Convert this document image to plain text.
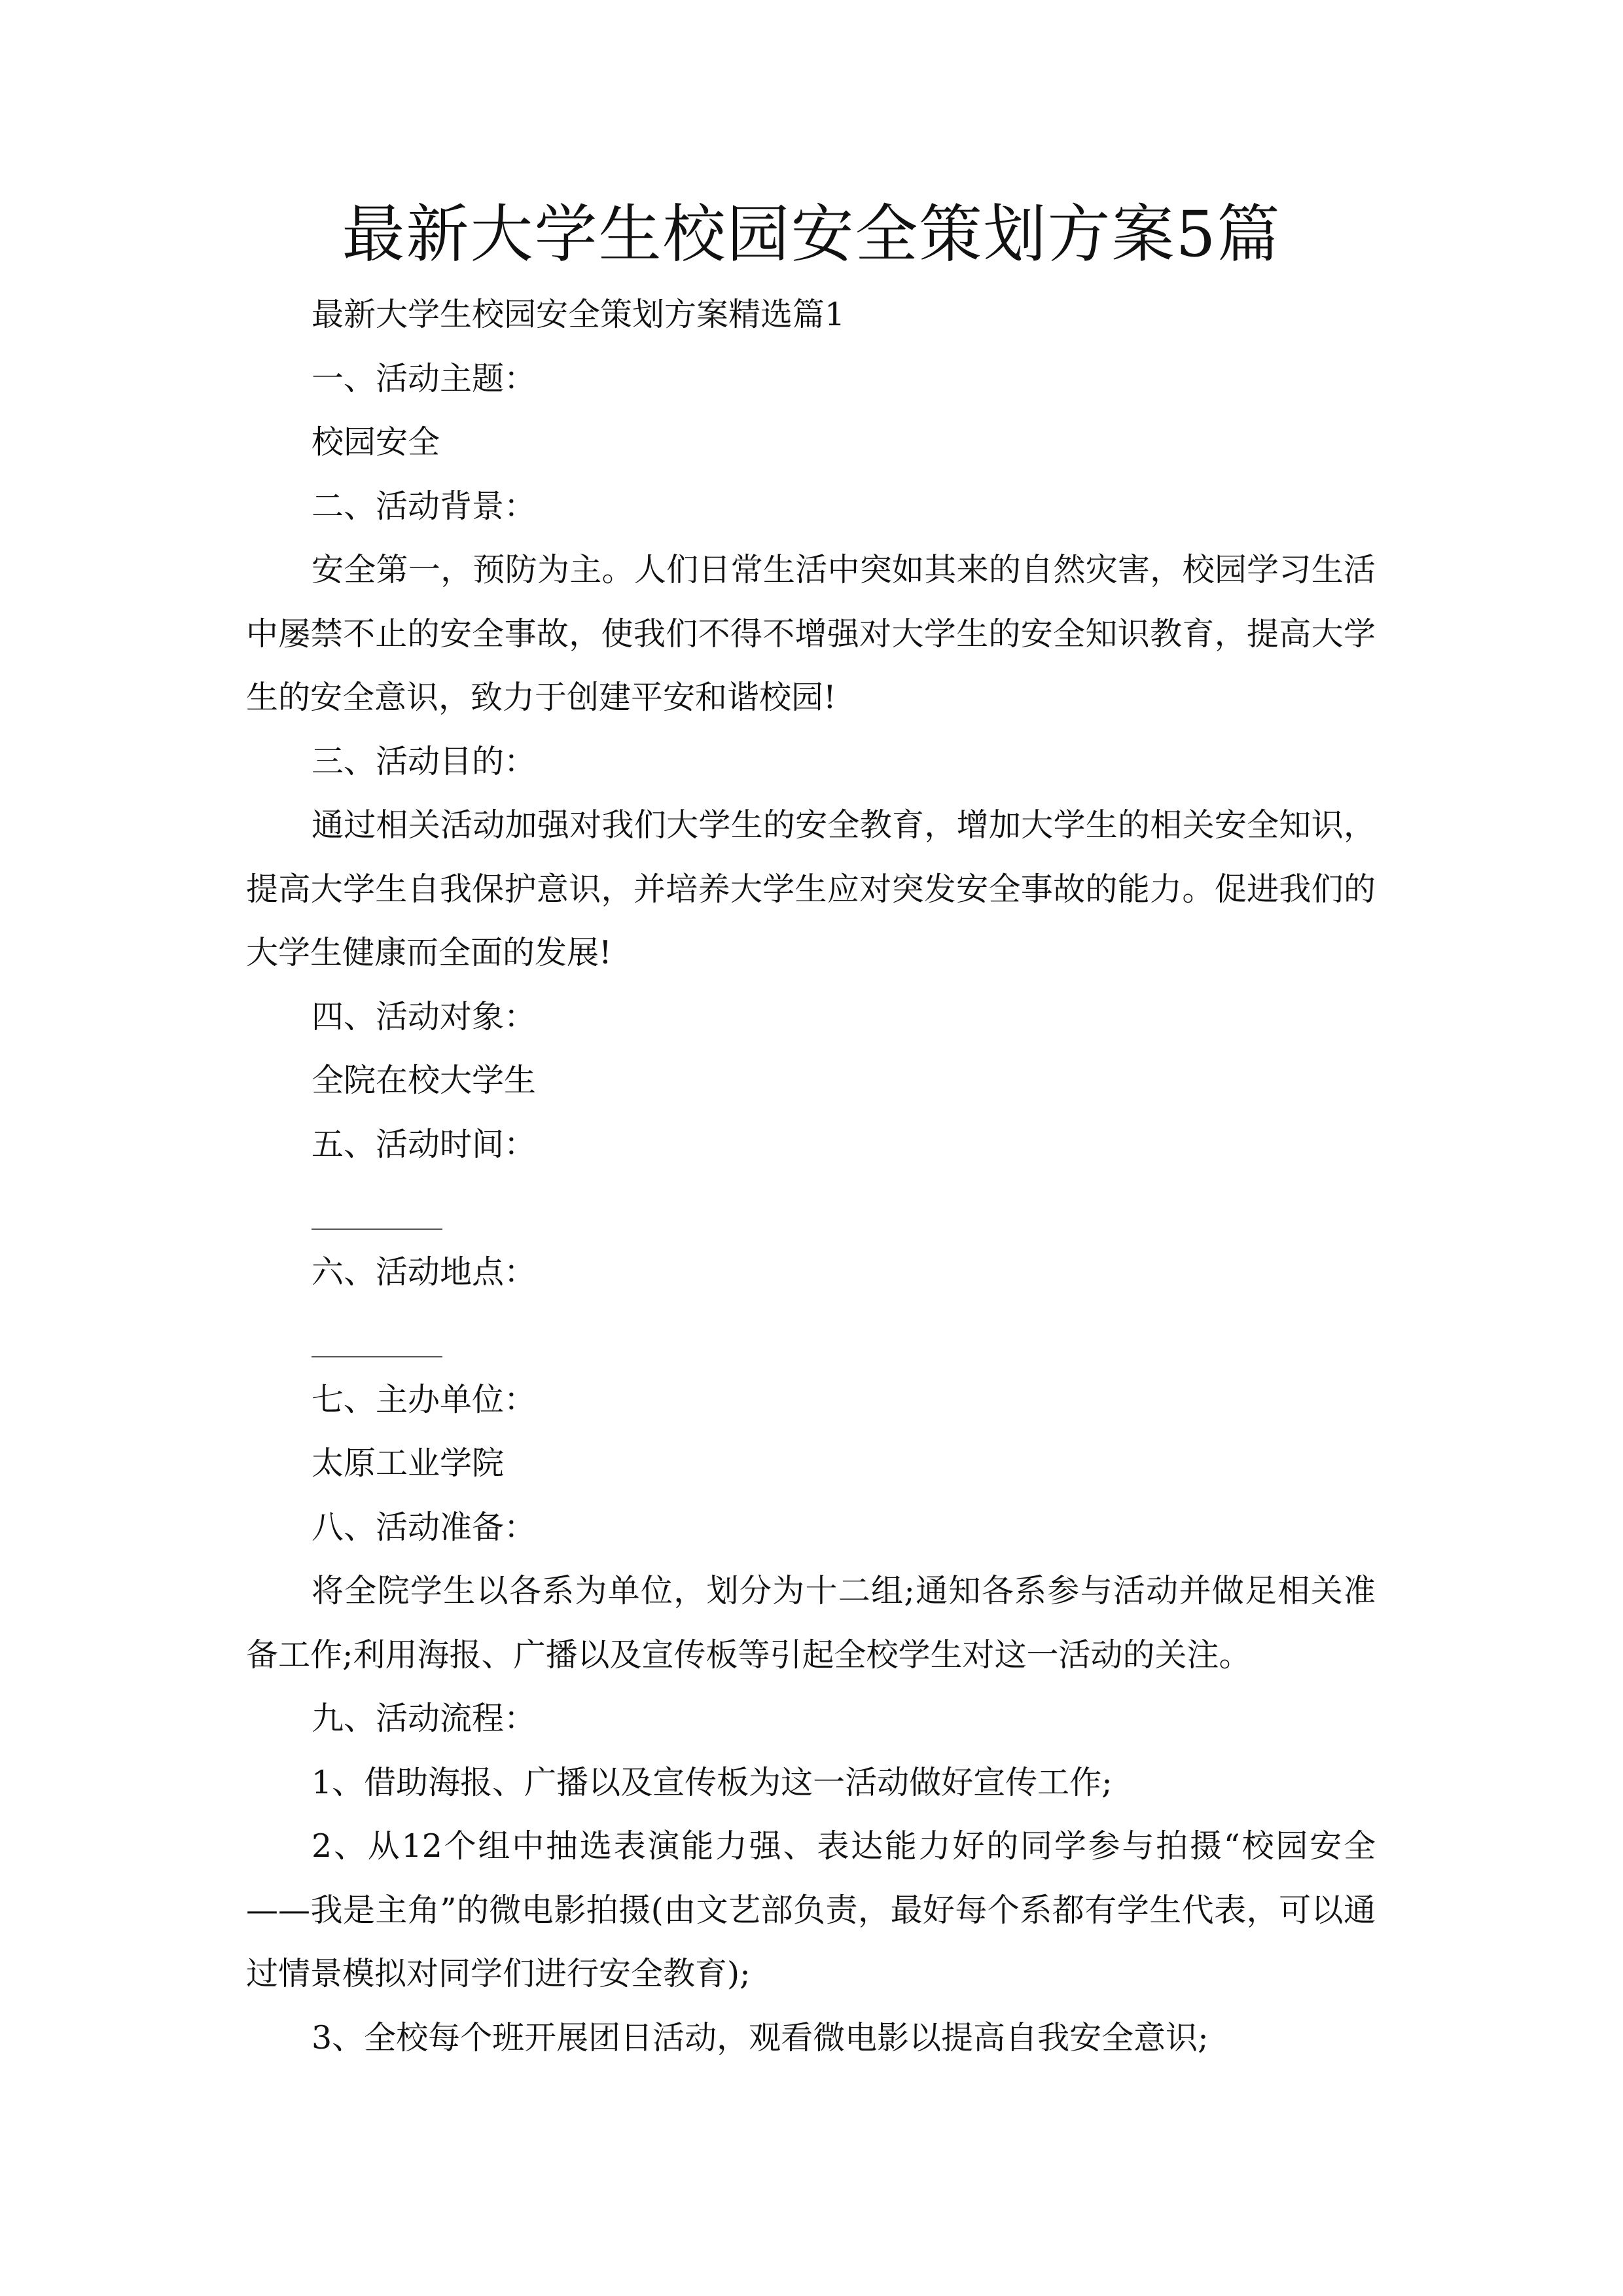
最新大学生校园安全策划方案5篇

最新大学生校园安全策划方案精选篇1

一、活动主题：

校园安全

二、活动背景：

安全第一，预防为主。人们日常生活中突如其来的自然灾害，校园学习生活中屡禁不止的安全事故，使我们不得不增强对大学生的安全知识教育，提高大学生的安全意识，致力于创建平安和谐校园!

三、活动目的：

通过相关活动加强对我们大学生的安全教育，增加大学生的相关安全知识，提高大学生自我保护意识，并培养大学生应对突发安全事故的能力。促进我们的大学生健康而全面的发展!

四、活动对象：

全院在校大学生

五、活动时间：

六、活动地点：

七、主办单位：

太原工业学院

八、活动准备：

将全院学生以各系为单位，划分为十二组;通知各系参与活动并做足相关准备工作;利用海报、广播以及宣传板等引起全校学生对这一活动的关注。

九、活动流程：

1、借助海报、广播以及宣传板为这一活动做好宣传工作;

2、从12个组中抽选表演能力强、表达能力好的同学参与拍摄“校园安全——我是主角”的微电影拍摄(由文艺部负责，最好每个系都有学生代表，可以通过情景模拟对同学们进行安全教育);

3、全校每个班开展团日活动，观看微电影以提高自我安全意识;
